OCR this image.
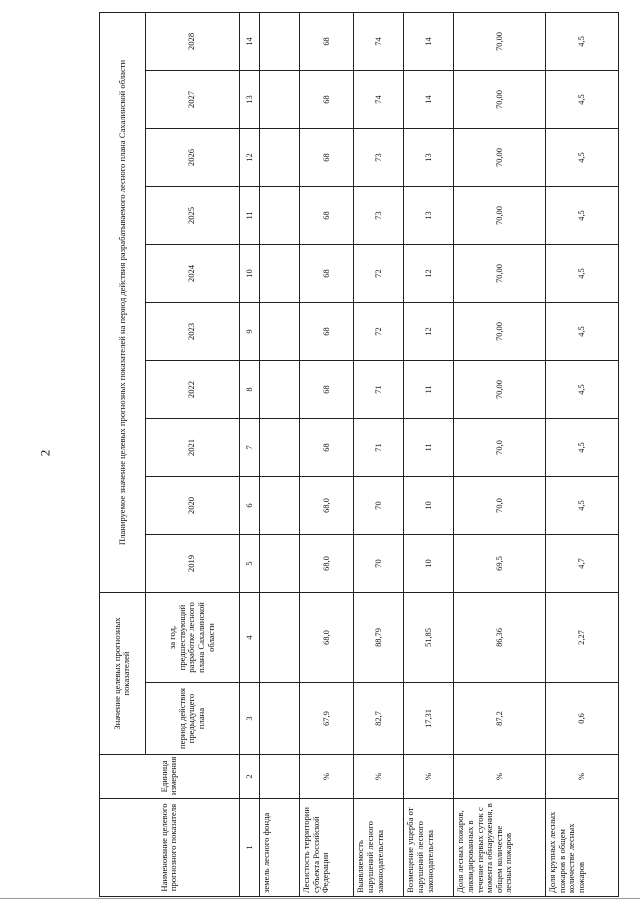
2
Наименование целевого прогнозного показателя	Единица измерения	Значение целевых прогнозных показателей		Планируемое значение целевых прогнозных показателей на период действия разрабатываемого лесного плана Сахалинской области									
		период действия предыдущего плана	за год, предшествующий разработке лесного плана Сахалинской области	2019	2020	2021	2022	2023	2024	2025	2026	2027	2028
1	2	3	4	5	6	7	8	9	10	11	12	13	14
земель лесного фонда													
Лесистость территории субъекта Российской Федерации	%	67,9	68,0	68,0	68,0	68	68	68	68	68	68	68	68
Выявляемость нарушений лесного законодательства	%	82,7	88,79	70	70	71	71	72	72	73	73	74	74
Возмещение ущерба от нарушений лесного законодательства	%	17,31	51,85	10	10	11	11	12	12	13	13	14	14
Доля лесных пожаров, ликвидированных в течение первых суток с момента обнаружения, в общем количестве лесных пожаров	%	87,2	86,36	69,5	70,0	70,0	70,00	70,00	70,00	70,00	70,00	70,00	70,00
Доля крупных лесных пожаров в общем количестве лесных пожаров	%	0,6	2,27	4,7	4,5	4,5	4,5	4,5	4,5	4,5	4,5	4,5	4,5
